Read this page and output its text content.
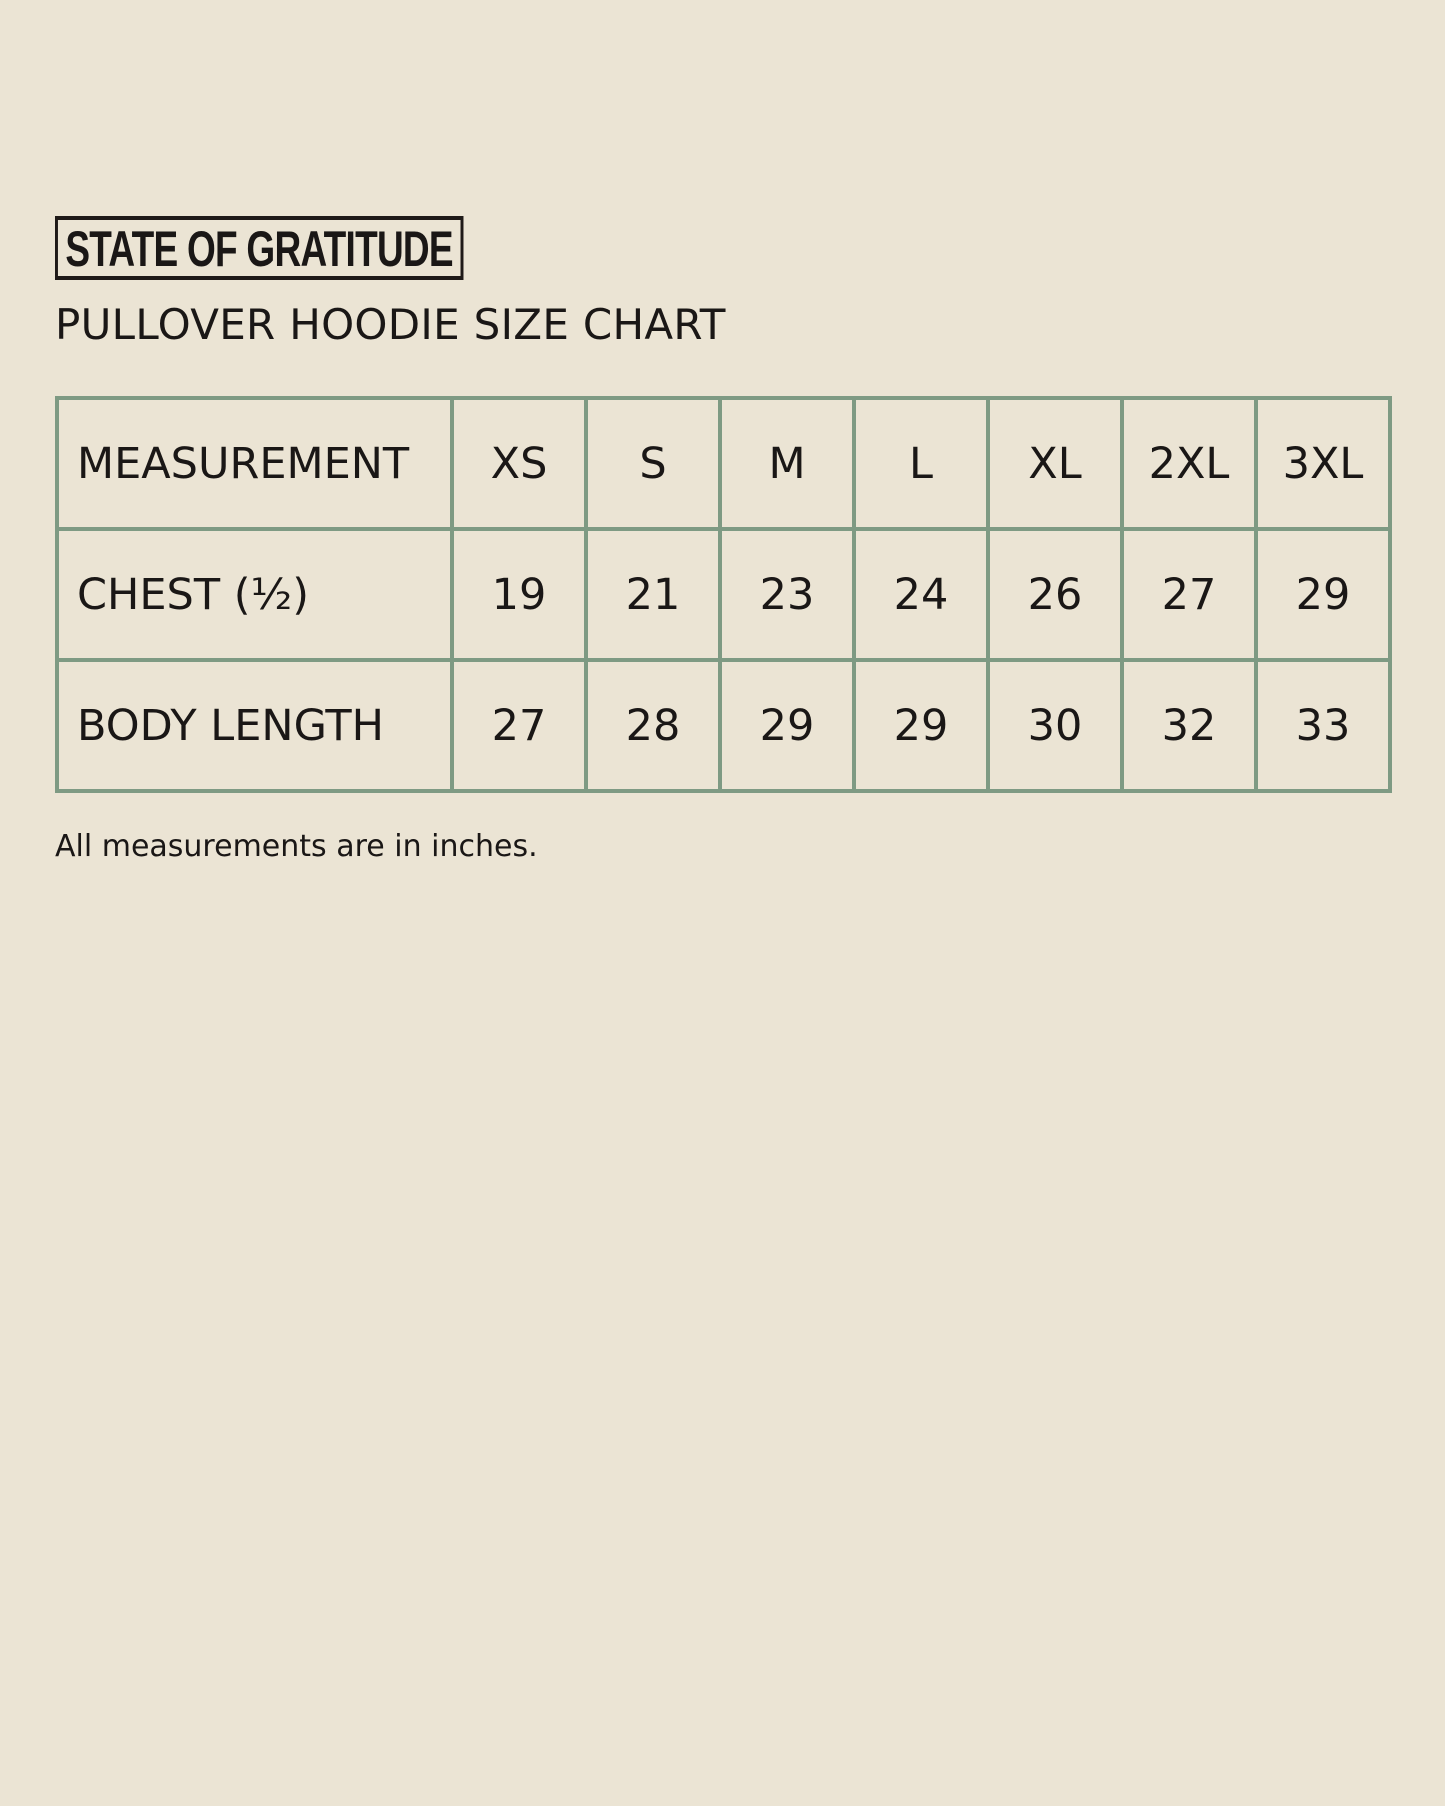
STATE OF GRATITUDE
PULLOVER HOODIE SIZE CHART
MEASUREMENT	XS	S	M	L	XL	2XL	3XL
CHEST (½)	19	21	23	24	26	27	29
BODY LENGTH	27	28	29	29	30	32	33
All measurements are in inches.
